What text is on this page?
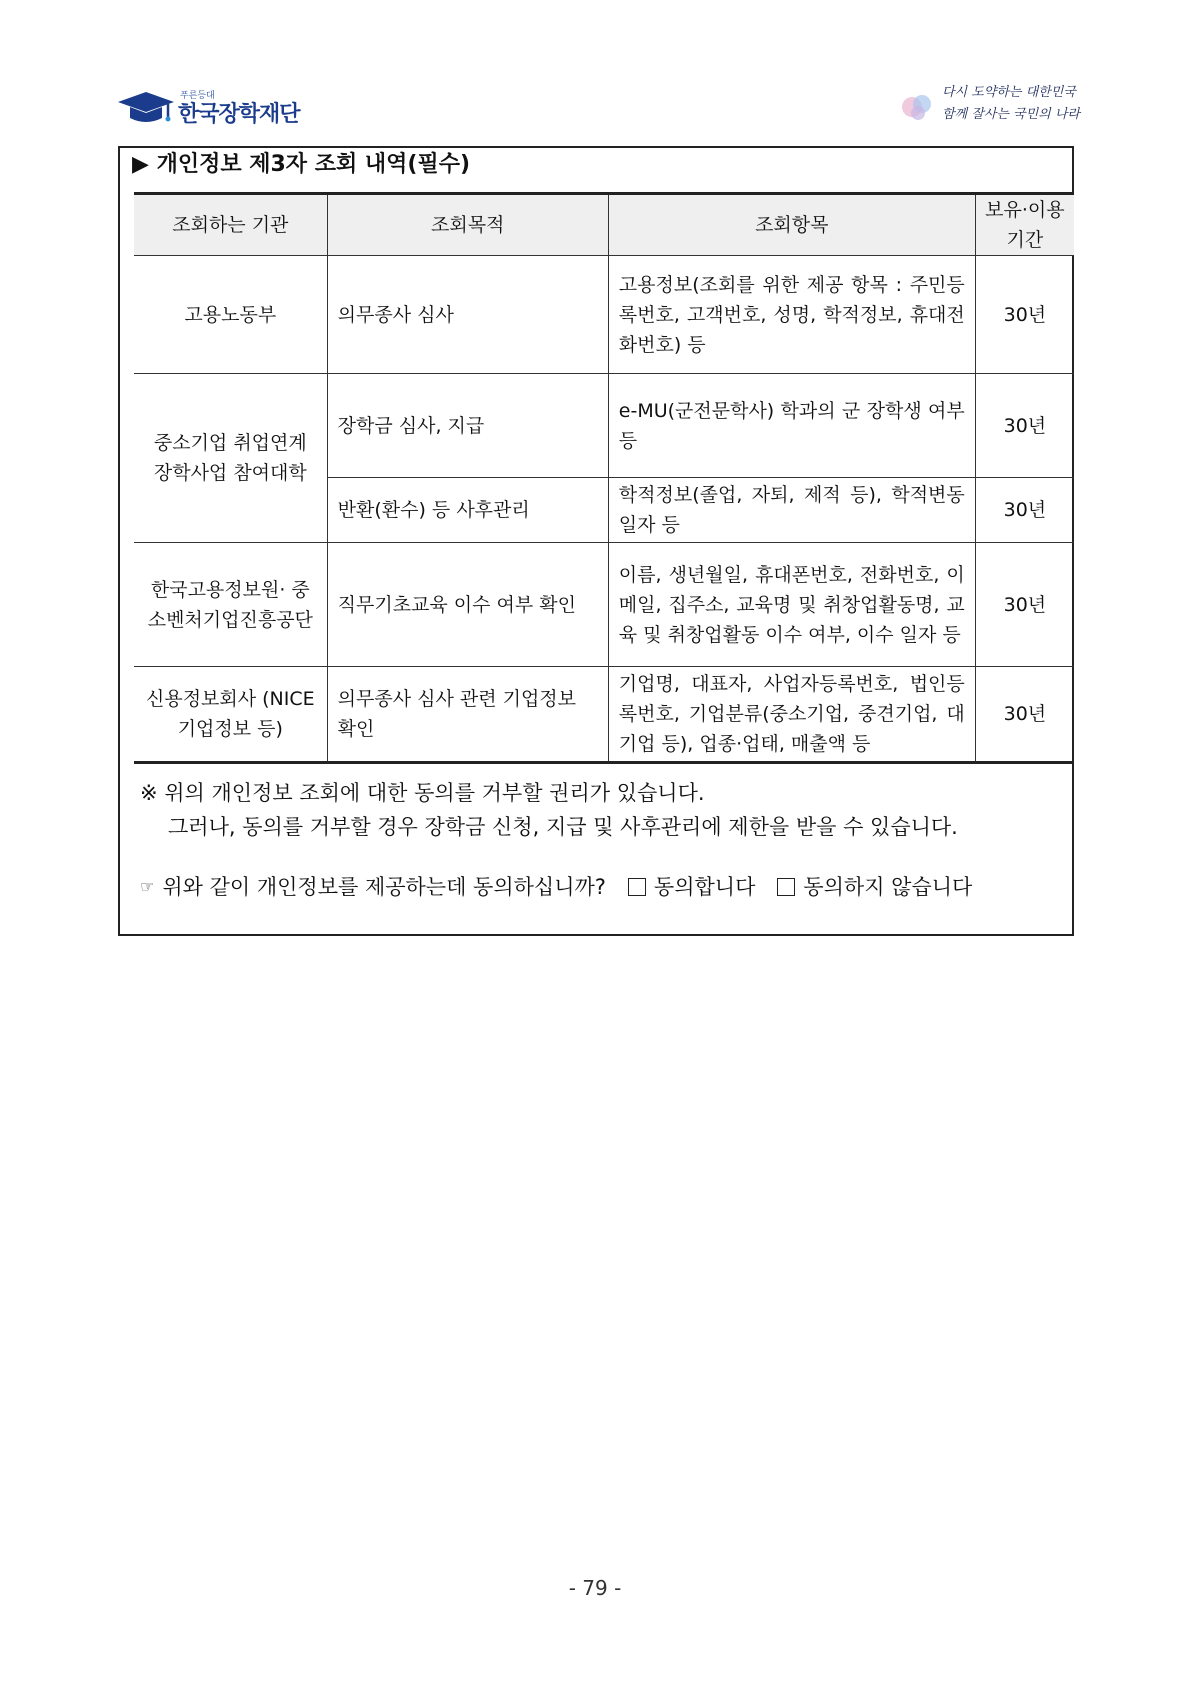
푸른등대
한국장학재단
다시 도약하는 대한민국
함께 잘사는 국민의 나라
▶ 개인정보 제3자 조회 내역(필수)
조회하는 기관	조회목적	조회항목	보유·이용기간
고용노동부	의무종사 심사	고용정보(조회를 위한 제공 항목 : 주민등록번호, 고객번호, 성명, 학적정보, 휴대전화번호) 등	30년
중소기업 취업연계 장학사업 참여대학	장학금 심사, 지급	e-MU(군전문학사) 학과의 군 장학생 여부 등	30년
	반환(환수) 등 사후관리	학적정보(졸업, 자퇴, 제적 등), 학적변동일자 등	30년
한국고용정보원· 중소벤처기업진흥공단	직무기초교육 이수 여부 확인	이름, 생년월일, 휴대폰번호, 전화번호, 이메일, 집주소, 교육명 및 취창업활동명, 교육 및 취창업활동 이수 여부, 이수 일자 등	30년
신용정보회사 (NICE기업정보 등)	의무종사 심사 관련 기업정보 확인	기업명, 대표자, 사업자등록번호, 법인등록번호, 기업분류(중소기업, 중견기업, 대기업 등), 업종·업태, 매출액 등	30년
※ 위의 개인정보 조회에 대한 동의를 거부할 권리가 있습니다.
그러나, 동의를 거부할 경우 장학금 신청, 지급 및 사후관리에 제한을 받을 수 있습니다.
☞ 위와 같이 개인정보를 제공하는데 동의하십니까? 동의합니다 동의하지 않습니다
- 79 -
